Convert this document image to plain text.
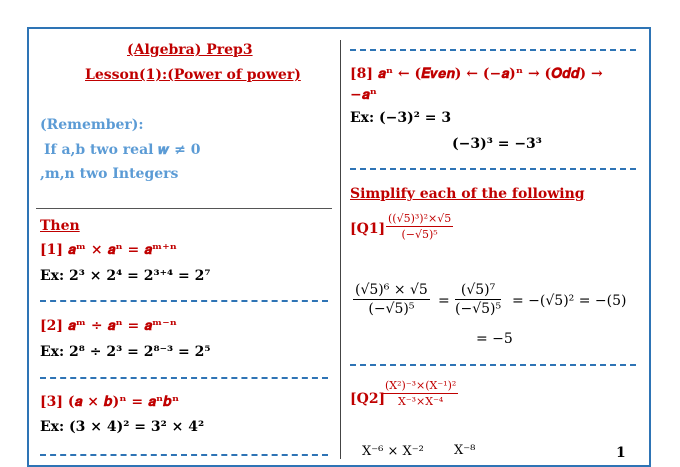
(Algebra) Prep3
Lesson(1):(Power of power)
(Remember):
If a,b two real 𝒘 ≠ 0
,m,n two Integers
Then
[1] 𝒂ᵐ × 𝒂ⁿ = 𝒂ᵐ⁺ⁿ
Ex: 2³ × 2⁴ = 2³⁺⁴ = 2⁷
[2] 𝒂ᵐ ÷ 𝒂ⁿ = 𝒂ᵐ⁻ⁿ
Ex: 2⁸ ÷ 2³ = 2⁸⁻³ = 2⁵
[3] (𝒂 × 𝒃)ⁿ = 𝒂ⁿ𝒃ⁿ
Ex: (3 × 4)² = 3² × 4²
[8] 𝒂ⁿ ← (𝑬𝒗𝒆𝒏) ← (−𝒂)ⁿ → (𝑶𝒅𝒅) →
−𝒂ⁿ
Ex: (−3)² = 3
(−3)³ = −3³
Simplify each of the following
$[Q1] \frac{\text{((√5)³)²×√5}}{\text{(−√5)⁵}}$
$\frac{\text{(√5)⁶ × √5}}{\text{(−√5)⁵}} = \frac{\text{(√5)⁷}}{\text{(−√5)⁵}} = -(√5)^2 = -(5)$
= −5
[Q2]
$\frac{\text{(X²)⁻³×(X⁻¹)²}}{\text{X⁻³×X⁻⁴}}$
X⁻⁶ × X⁻² X⁻⁸	1
